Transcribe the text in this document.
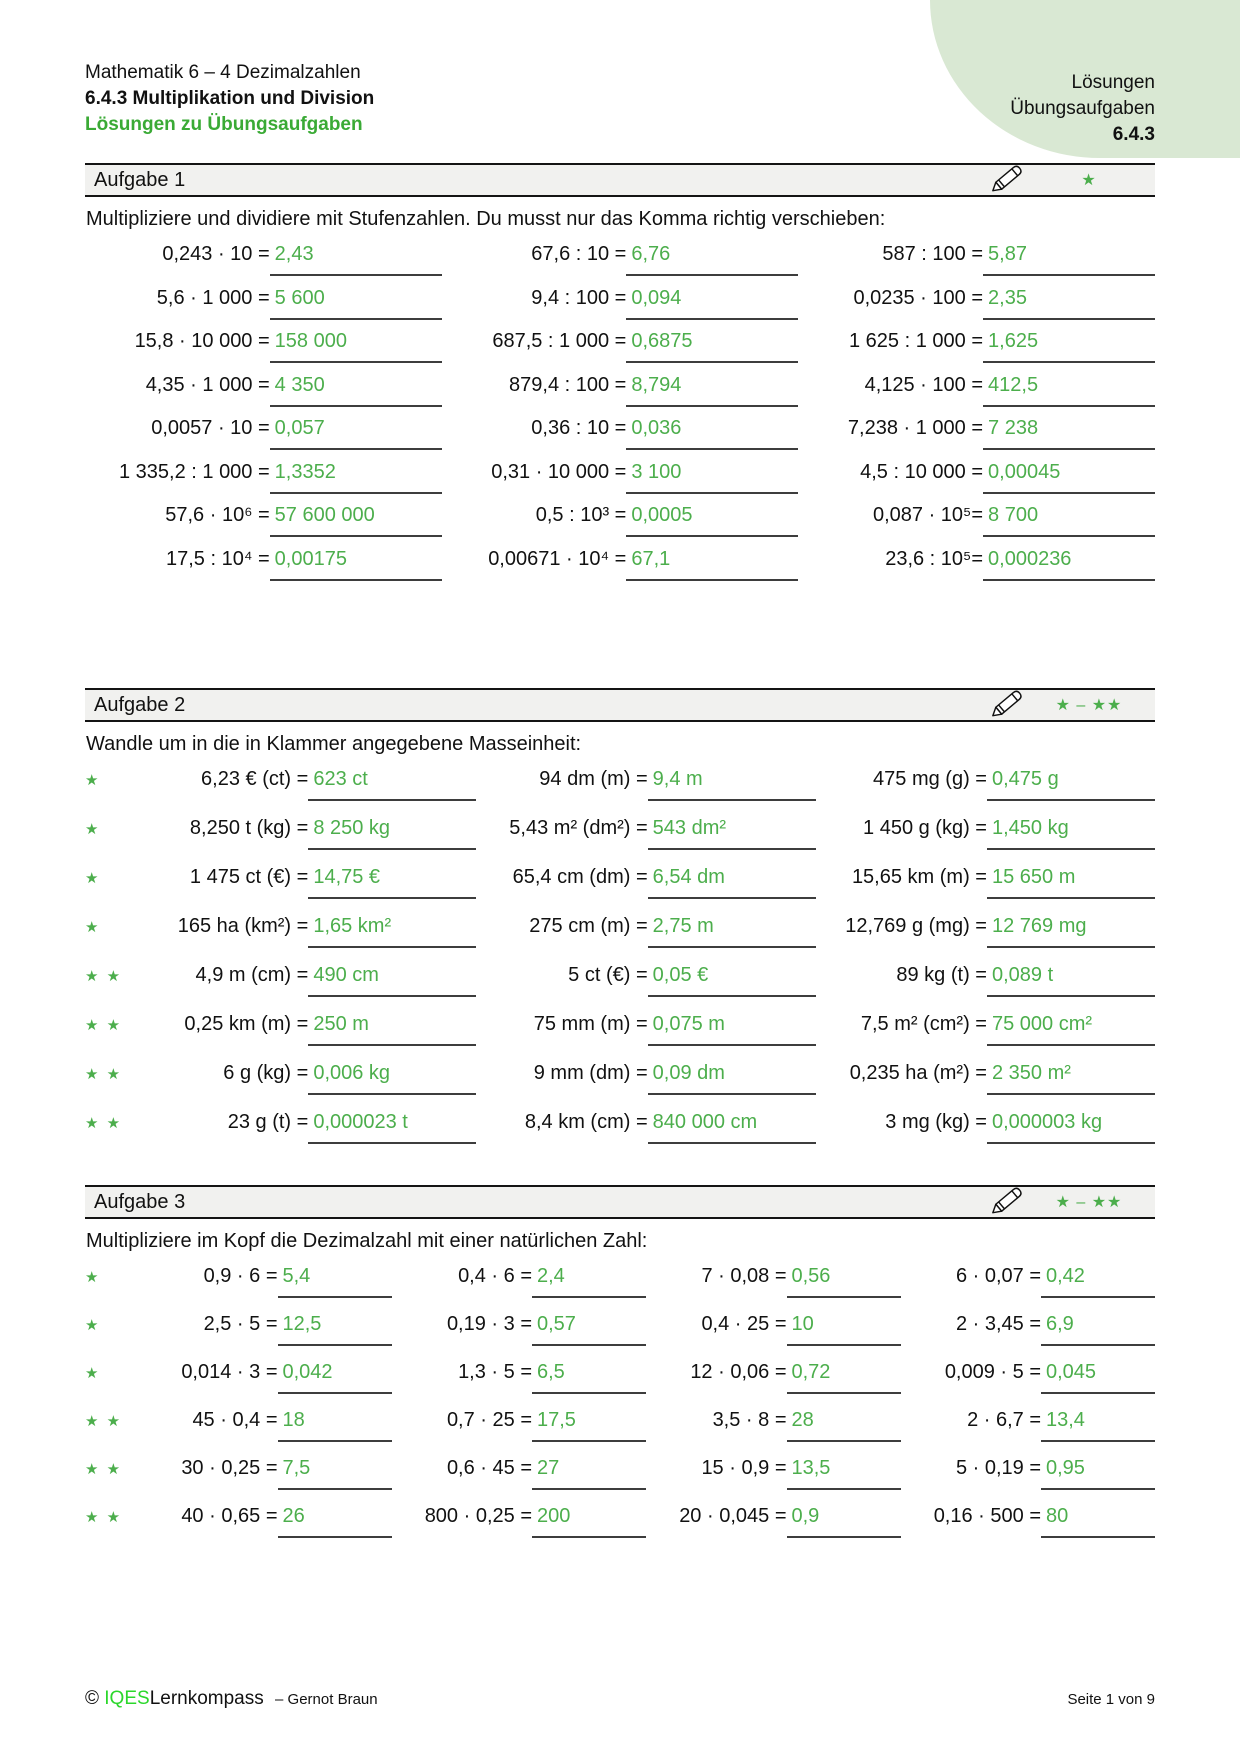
Lösungen
Übungsaufgaben
6.4.3
Mathematik 6 – 4 Dezimalzahlen
6.4.3 Multiplikation und Division
Lösungen zu Übungsaufgaben
Aufgabe 1	★

Multipliziere und dividiere mit Stufenzahlen. Du musst nur das Komma richtig verschieben:

0,243 · 10 = 2,43	67,6 : 10 = 6,76	587 : 100 = 5,87
5,6 · 1 000 = 5 600	9,4 : 100 = 0,094	0,0235 · 100 = 2,35
15,8 · 10 000 = 158 000	687,5 : 1 000 = 0,6875	1 625 : 1 000 = 1,625
4,35 · 1 000 = 4 350	879,4 : 100 = 8,794	4,125 · 100 = 412,5
0,0057 · 10 = 0,057	0,36 : 10 = 0,036	7,238 · 1 000 = 7 238
1 335,2 : 1 000 = 1,3352	0,31 · 10 000 = 3 100	4,5 : 10 000 = 0,00045
57,6 · 10⁶ = 57 600 000	0,5 : 10³ = 0,0005	0,087 · 10⁵= 8 700
17,5 : 10⁴ = 0,00175	0,00671 · 10⁴ = 67,1	23,6 : 10⁵= 0,000236
Aufgabe 2	★ – ★★

Wandle um in die in Klammer angegebene Masseinheit:

★	6,23 € (ct) = 623 ct	94 dm (m) = 9,4 m	475 mg (g) = 0,475 g
★	8,250 t (kg) = 8 250 kg	5,43 m² (dm²) = 543 dm²	1 450 g (kg) = 1,450 kg
★	1 475 ct (€) = 14,75 €	65,4 cm (dm) = 6,54 dm	15,65 km (m) = 15 650 m
★	165 ha (km²) = 1,65 km²	275 cm (m) = 2,75 m	12,769 g (mg) = 12 769 mg
★ ★	4,9 m (cm) = 490 cm	5 ct (€) = 0,05 €	89 kg (t) = 0,089 t
★ ★	0,25 km (m) = 250 m	75 mm (m) = 0,075 m	7,5 m² (cm²) = 75 000 cm²
★ ★	6 g (kg) = 0,006 kg	9 mm (dm) = 0,09 dm	0,235 ha (m²) = 2 350 m²
★ ★	23 g (t) = 0,000023 t	8,4 km (cm) = 840 000 cm	3 mg (kg) = 0,000003 kg
Aufgabe 3	★ – ★★

Multipliziere im Kopf die Dezimalzahl mit einer natürlichen Zahl:

★	0,9 · 6 = 5,4	0,4 · 6 = 2,4	7 · 0,08 = 0,56	6 · 0,07 = 0,42
★	2,5 · 5 = 12,5	0,19 · 3 = 0,57	0,4 · 25 = 10	2 · 3,45 = 6,9
★	0,014 · 3 = 0,042	1,3 · 5 = 6,5	12 · 0,06 = 0,72	0,009 · 5 = 0,045
★ ★	45 · 0,4 = 18	0,7 · 25 = 17,5	3,5 · 8 = 28	2 · 6,7 = 13,4
★ ★	30 · 0,25 = 7,5	0,6 · 45 = 27	15 · 0,9 = 13,5	5 · 0,19 = 0,95
★ ★	40 · 0,65 = 26	800 · 0,25 = 200	20 · 0,045 = 0,9	0,16 · 500 = 80
© IQESLernkompass – Gernot Braun	Seite 1 von 9
